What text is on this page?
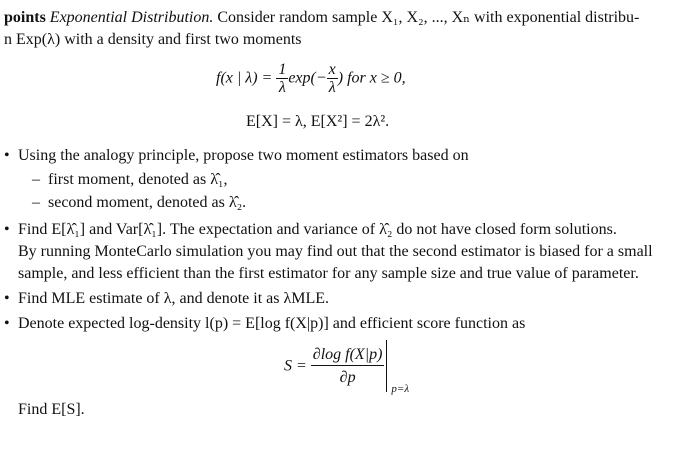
points Exponential Distribution. Consider random sample X₁, X₂, ..., Xₙ with exponential distribu-
n Exp(λ) with a density and first two moments
f(x | $\lambda) = \frac{1}{\lambda} \exp(- \frac{x}{\lambda}$ ) for x ≥ 0,
E[X] = λ, E[X²] = 2λ².
• Using the analogy principle, propose two moment estimators based on
– first moment, denoted as λ̂₁,
– second moment, denoted as λ̂₂.
• Find E[λ̂₁] and Var[λ̂₁]. The expectation and variance of λ̂₂ do not have closed form solutions.
By running MonteCarlo simulation you may find out that the second estimator is biased for a small
sample, and less efficient than the first estimator for any sample size and true value of parameter.
• Find MLE estimate of λ, and denote it as λMLE.
• Denote expected log-density l(p) = E[log f(X|p)] and efficient score function as
$S = \frac{\text{∂log f(X|p)}}{\partial p}$
p=λ
Find E[S].
